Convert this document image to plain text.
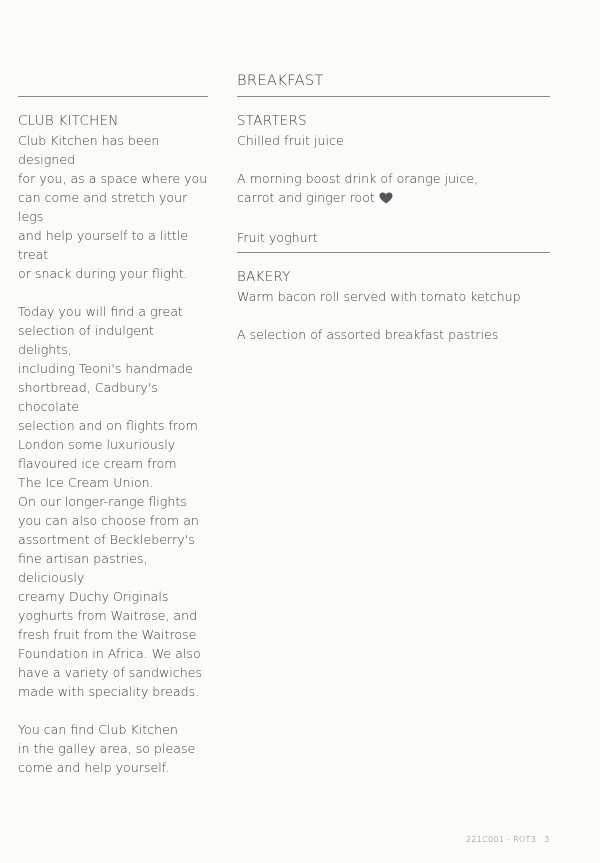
CLUB KITCHEN
Club Kitchen has been designed
for you, as a space where you
can come and stretch your legs
and help yourself to a little treat
or snack during your flight.
Today you will find a great
selection of indulgent delights,
including Teoni's handmade
shortbread, Cadbury's chocolate
selection and on flights from
London some luxuriously
flavoured ice cream from
The Ice Cream Union.
On our longer-range flights
you can also choose from an
assortment of Beckleberry's
fine artisan pastries, deliciously
creamy Duchy Originals
yoghurts from Waitrose, and
fresh fruit from the Waitrose
Foundation in Africa. We also
have a variety of sandwiches
made with speciality breads.
You can find Club Kitchen
in the galley area, so please
come and help yourself.
BREAKFAST
STARTERS
Chilled fruit juice
A morning boost drink of orange juice,
carrot and ginger root
Fruit yoghurt
BAKERY
Warm bacon roll served with tomato ketchup
A selection of assorted breakfast pastries
221C001 - ROT3 3
